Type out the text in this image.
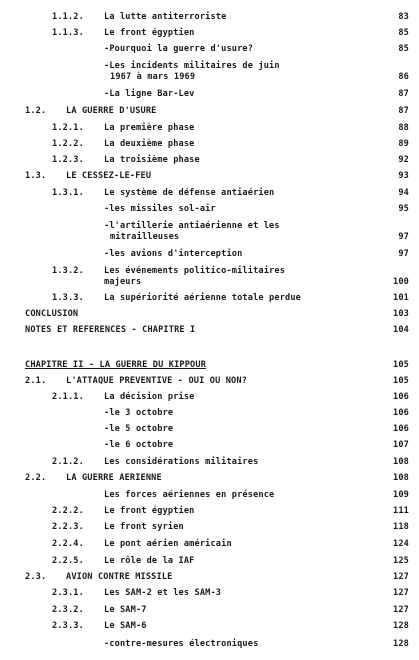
1.1.2. La lutte antiterroriste	83
1.1.3. Le front égyptien	85
-Pourquoi la guerre d'usure?	85
-Les incidents militaires de juin
1967 à mars 1969	86
-La ligne Bar-Lev	87
1.2. LA GUERRE D'USURE	87
1.2.1. La première phase	88
1.2.2. La deuxième phase	89
1.2.3. La troisième phase	92
1.3. LE CESSEZ-LE-FEU	93
1.3.1. Le système de défense antiaérien	94
-les missiles sol-air	95
-l'artillerie antiaérienne et les
mitrailleuses	97
-les avions d'interception	97
1.3.2. Les événements politico-militaires
majeurs	100
1.3.3. La supériorité aérienne totale perdue	101
CONCLUSION	103
NOTES ET REFERENCES - CHAPITRE I	104
CHAPITRE II - LA GUERRE DU KIPPOUR	105
2.1. L'ATTAQUE PREVENTIVE - OUI OU NON?	105
2.1.1. La décision prise	106
-le 3 octobre	106
-le 5 octobre	106
-le 6 octobre	107
2.1.2. Les considérations militaires	108
2.2. LA GUERRE AERIENNE	108
Les forces aériennes en présence	109
2.2.2. Le front égyptien	111
2.2.3. Le front syrien	118
2.2.4. Le pont aérien américain	124
2.2.5. Le rôle de la IAF	125
2.3. AVION CONTRE MISSILE	127
2.3.1. Les SAM-2 et les SAM-3	127
2.3.2. Le SAM-7	127
2.3.3. Le SAM-6	128
-contre-mesures électroniques	128
